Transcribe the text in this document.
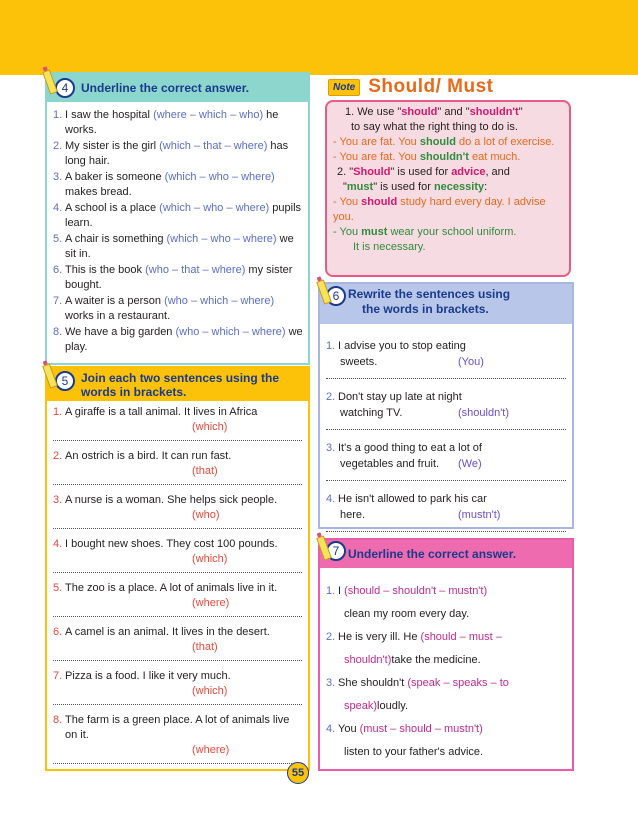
4	Underline the correct answer.
1. I saw the hospital (where – which – who) he works.
2. My sister is the girl (which – that – where) has long hair.
3. A baker is someone (which – who – where) makes bread.
4. A school is a place (which – who – where) pupils learn.
5. A chair is something (which – who – where) we sit in.
6. This is the book (who – that – where) my sister bought.
7. A waiter is a person (who – which – where) works in a restaurant.
8. We have a big garden (who – which – where) we play.
5	Join each two sentences using the words in brackets.
1. A giraffe is a tall animal. It lives in Africa
(which)
2. An ostrich is a bird. It can run fast.
(that)
3. A nurse is a woman. She helps sick people.
(who)
4. I bought new shoes. They cost 100 pounds.
(which)
5. The zoo is a place. A lot of animals live in it.
(where)
6. A camel is an animal. It lives in the desert.
(that)
7. Pizza is a food. I like it very much.
(which)
8. The farm is a green place. A lot of animals live on it.
(where)
Note Should/ Must
1. We use "should" and "shouldn't"
to say what the right thing to do is.
- You are fat. You should do a lot of exercise.
- You are fat. You shouldn't eat much.
2. "Should" is used for advice, and
"must" is used for necessity:
- You should study hard every day. I advise you.
- You must wear your school uniform.
It is necessary.
Rewrite the sentences using
the words in brackets.
1. I advise you to stop eating
sweets.	(You)
2. Don't stay up late at night
watching TV.	(shouldn't)
3. It's a good thing to eat a lot of
vegetables and fruit.	(We)
4. He isn't allowed to park his car
here.	(mustn't)
6
Underline the correct answer.
1. I (should – shouldn't – mustn't)
clean my room every day.
2. He is very ill. He (should – must –
shouldn't) take the medicine.
3. She shouldn't (speak – speaks – to
speak) loudly.
4. You (must – should – mustn't)
listen to your father's advice.
7
55
